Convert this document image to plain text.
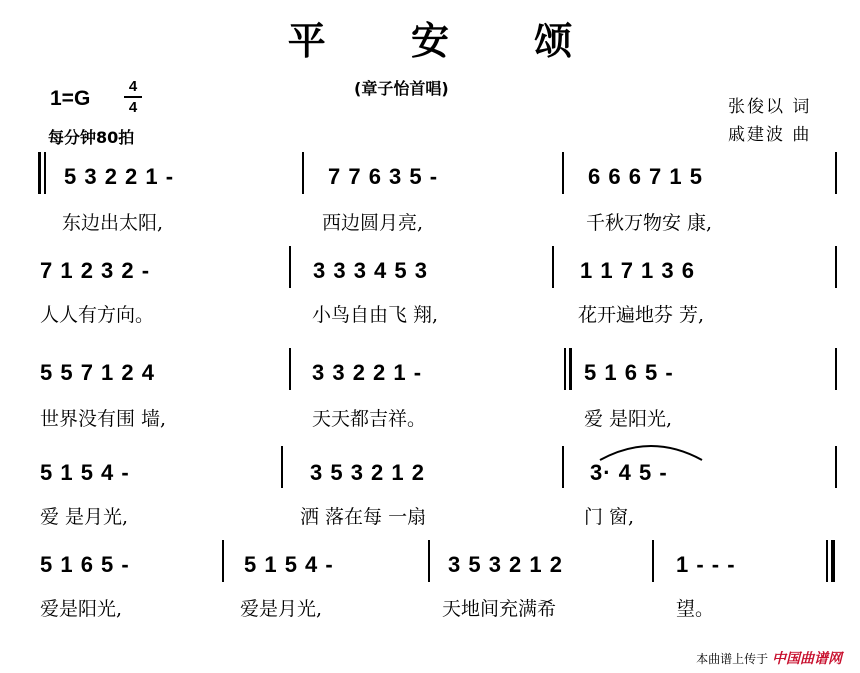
平 安 颂
(章子怡首唱)
1=G
4
4
每分钟80拍
张俊以 词
戚建波 曲
5 3 2 2 1 -	7 7 6 3 5 -	6 6 6 7 1 5
东边出太阳,	西边圆月亮,	千秋万物安 康,
7 1 2 3 2 -	3 3 3 4 5 3	1 1 7 1 3 6
人人有方向。	小鸟自由飞 翔,	花开遍地芬 芳,
5 5 7 1 2 4	3 3 2 2 1 -	5 1 6 5 -
世界没有围 墙,	天天都吉祥。	爱 是阳光,
5 1 5 4 -	3 5 3 2 1 2	3· 4 5 -
爱 是月光,	洒 落在每 一扇	门 窗,
5 1 6 5 -	5 1 5 4 -	3 5 3 2 1 2	1 - - -
爱是阳光,	爱是月光,	天地间充满希	望。
本曲谱上传于 中国曲谱网
